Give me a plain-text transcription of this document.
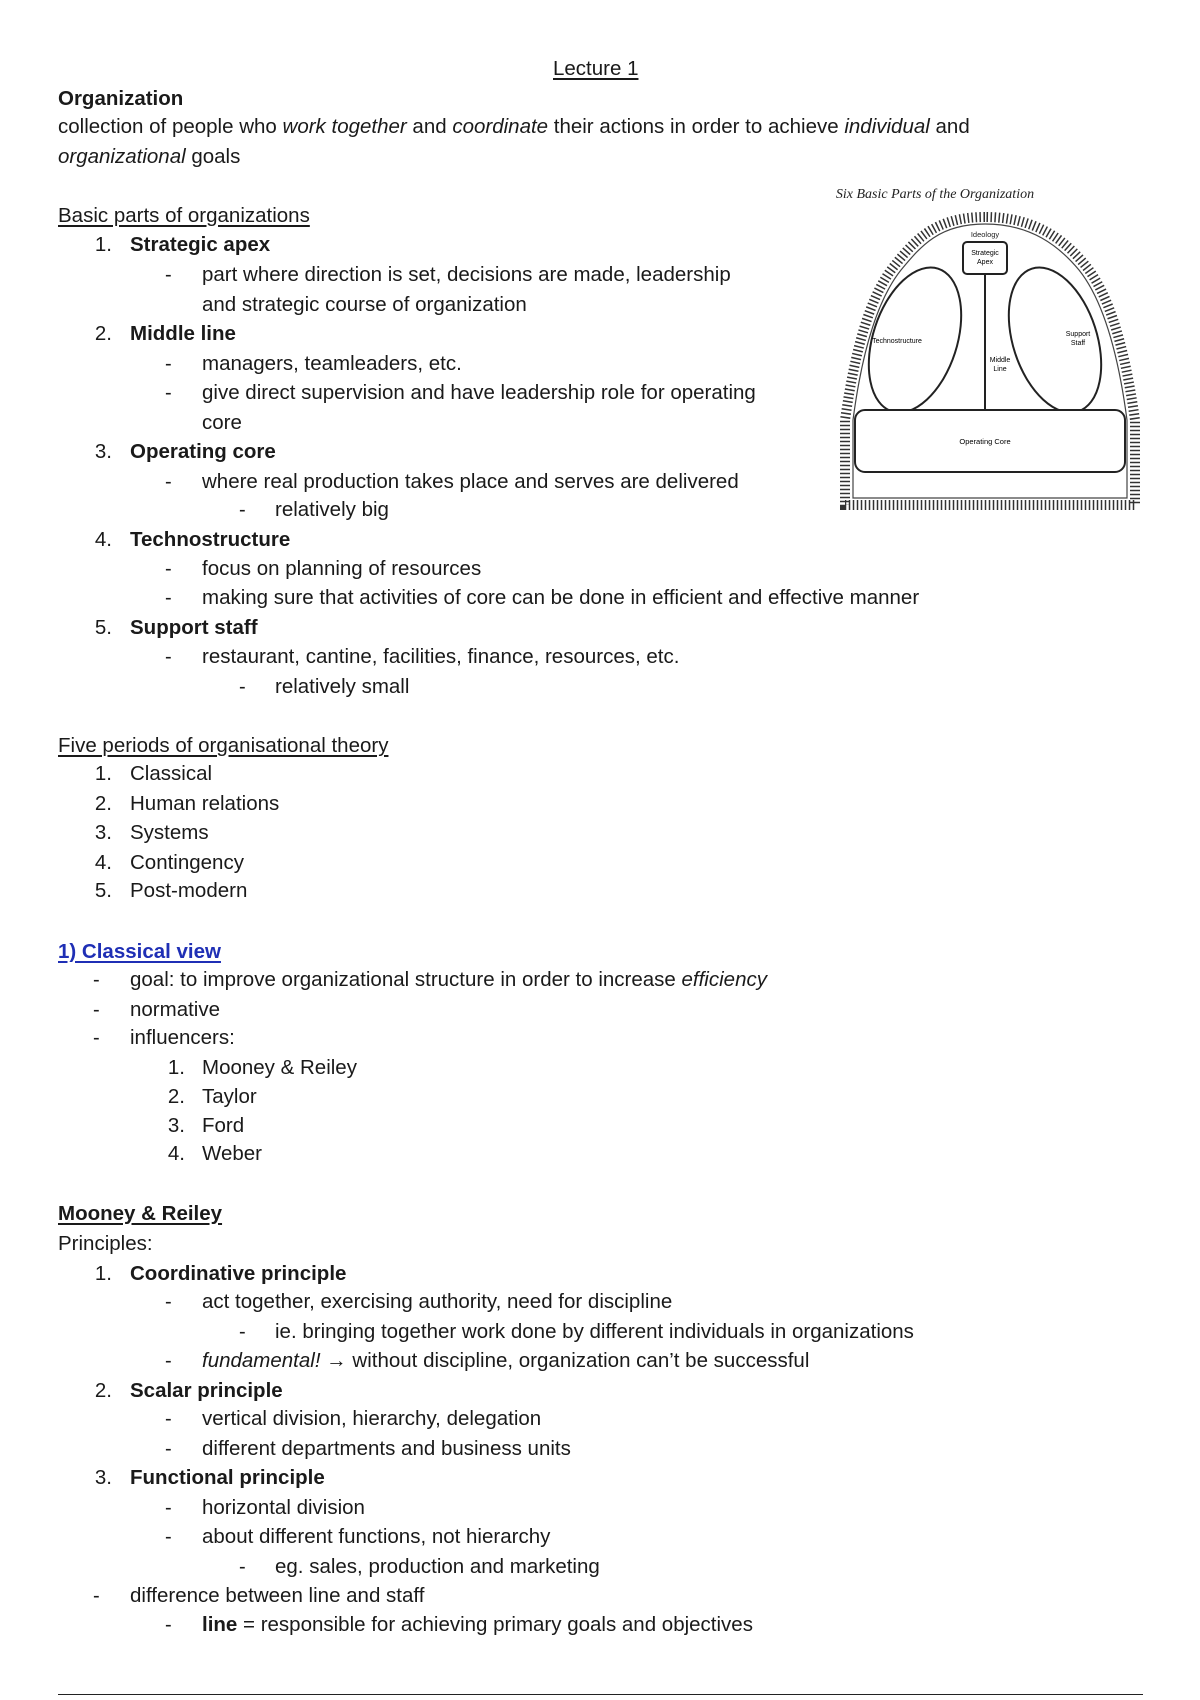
Lecture 1
Organization
collection of people who work together and coordinate their actions in order to achieve individual and
organizational goals
Basic parts of organizations
1. Strategic apex
- part where direction is set, decisions are made, leadership
and strategic course of organization
2. Middle line
- managers, teamleaders, etc.
- give direct supervision and have leadership role for operating
core
3. Operating core
- where real production takes place and serves are delivered
- relatively big
4. Technostructure
- focus on planning of resources
- making sure that activities of core can be done in efficient and effective manner
5. Support staff
- restaurant, cantine, facilities, finance, resources, etc.
- relatively small
Six Basic Parts of the Organization
Ideology
Strategic
Apex
Technostructure
Support
Staff
Middle
Line
Operating Core
Five periods of organisational theory
1. Classical
2. Human relations
3. Systems
4. Contingency
5. Post-modern
1) Classical view
- goal: to improve organizational structure in order to increase efficiency
- normative
- influencers:
1. Mooney & Reiley
2. Taylor
3. Ford
4. Weber
Mooney & Reiley
Principles:
1. Coordinative principle
- act together, exercising authority, need for discipline
- ie. bringing together work done by different individuals in organizations
- fundamental! → without discipline, organization can’t be successful
2. Scalar principle
- vertical division, hierarchy, delegation
- different departments and business units
3. Functional principle
- horizontal division
- about different functions, not hierarchy
- eg. sales, production and marketing
- difference between line and staff
- line = responsible for achieving primary goals and objectives
